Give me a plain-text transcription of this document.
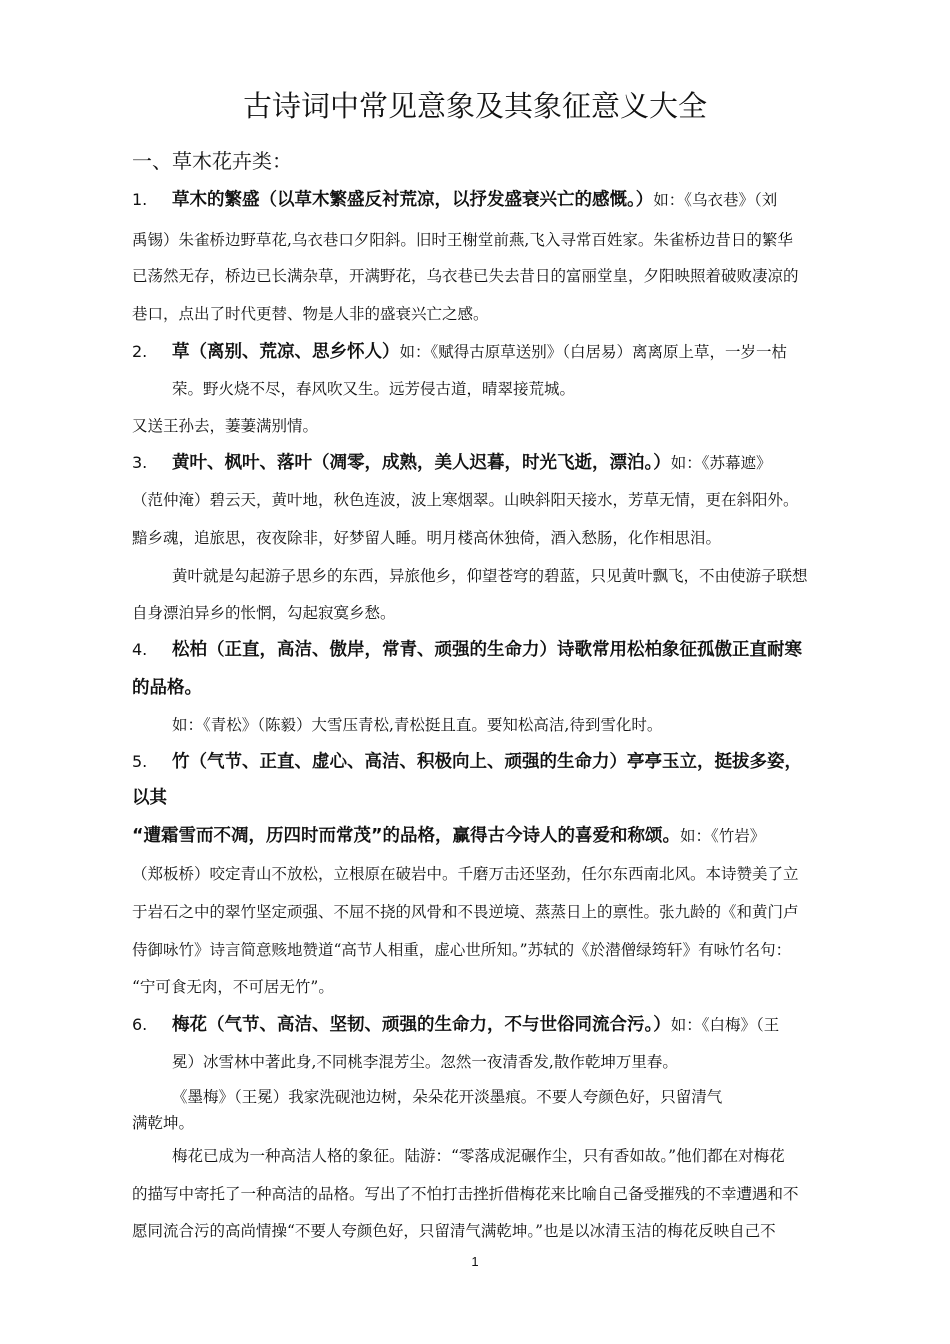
古诗词中常见意象及其象征意义大全
一、草木花卉类：
1. 草木的繁盛（以草木繁盛反衬荒凉，以抒发盛衰兴亡的感慨。）如：《乌衣巷》（刘
禹锡）朱雀桥边野草花,乌衣巷口夕阳斜。旧时王榭堂前燕,飞入寻常百姓家。朱雀桥边昔日的繁华
已荡然无存，桥边已长满杂草，开满野花，乌衣巷已失去昔日的富丽堂皇，夕阳映照着破败凄凉的
巷口，点出了时代更替、物是人非的盛衰兴亡之感。
2. 草（离别、荒凉、思乡怀人）如：《赋得古原草送别》（白居易）离离原上草，一岁一枯
荣。野火烧不尽，春风吹又生。远芳侵古道，晴翠接荒城。
又送王孙去，萋萋满别情。
3. 黄叶、枫叶、落叶（凋零，成熟，美人迟暮，时光飞逝，漂泊。）如：《苏幕遮》
（范仲淹）碧云天，黄叶地，秋色连波，波上寒烟翠。山映斜阳天接水，芳草无情，更在斜阳外。
黯乡魂，追旅思，夜夜除非，好梦留人睡。明月楼高休独倚，酒入愁肠，化作相思泪。
黄叶就是勾起游子思乡的东西，异旅他乡，仰望苍穹的碧蓝，只见黄叶飘飞，不由使游子联想
自身漂泊异乡的怅惘，勾起寂寞乡愁。
4. 松柏（正直，高洁、傲岸，常青、顽强的生命力）诗歌常用松柏象征孤傲正直耐寒
的品格。
如：《青松》（陈毅）大雪压青松,青松挺且直。要知松高洁,待到雪化时。
5. 竹（气节、正直、虚心、高洁、积极向上、顽强的生命力）亭亭玉立，挺拔多姿，
以其
“遭霜雪而不凋，历四时而常茂”的品格，赢得古今诗人的喜爱和称颂。如：《竹岩》
（郑板桥）咬定青山不放松，立根原在破岩中。千磨万击还坚劲，任尔东西南北风。本诗赞美了立
于岩石之中的翠竹坚定顽强、不屈不挠的风骨和不畏逆境、蒸蒸日上的禀性。张九龄的《和黄门卢
侍御咏竹》诗言简意赅地赞道“高节人相重，虚心世所知。”苏轼的《於潜僧绿筠轩》有咏竹名句：
“宁可食无肉，不可居无竹”。
6. 梅花（气节、高洁、坚韧、顽强的生命力，不与世俗同流合污。）如：《白梅》（王
冕）冰雪林中著此身,不同桃李混芳尘。忽然一夜清香发,散作乾坤万里春。
《墨梅》（王冕）我家洗砚池边树，朵朵花开淡墨痕。不要人夸颜色好，只留清气
满乾坤。
梅花已成为一种高洁人格的象征。陆游：“零落成泥碾作尘，只有香如故。”他们都在对梅花
的描写中寄托了一种高洁的品格。写出了不怕打击挫折借梅花来比喻自己备受摧残的不幸遭遇和不
愿同流合污的高尚情操“不要人夸颜色好，只留清气满乾坤。”也是以冰清玉洁的梅花反映自己不
1
